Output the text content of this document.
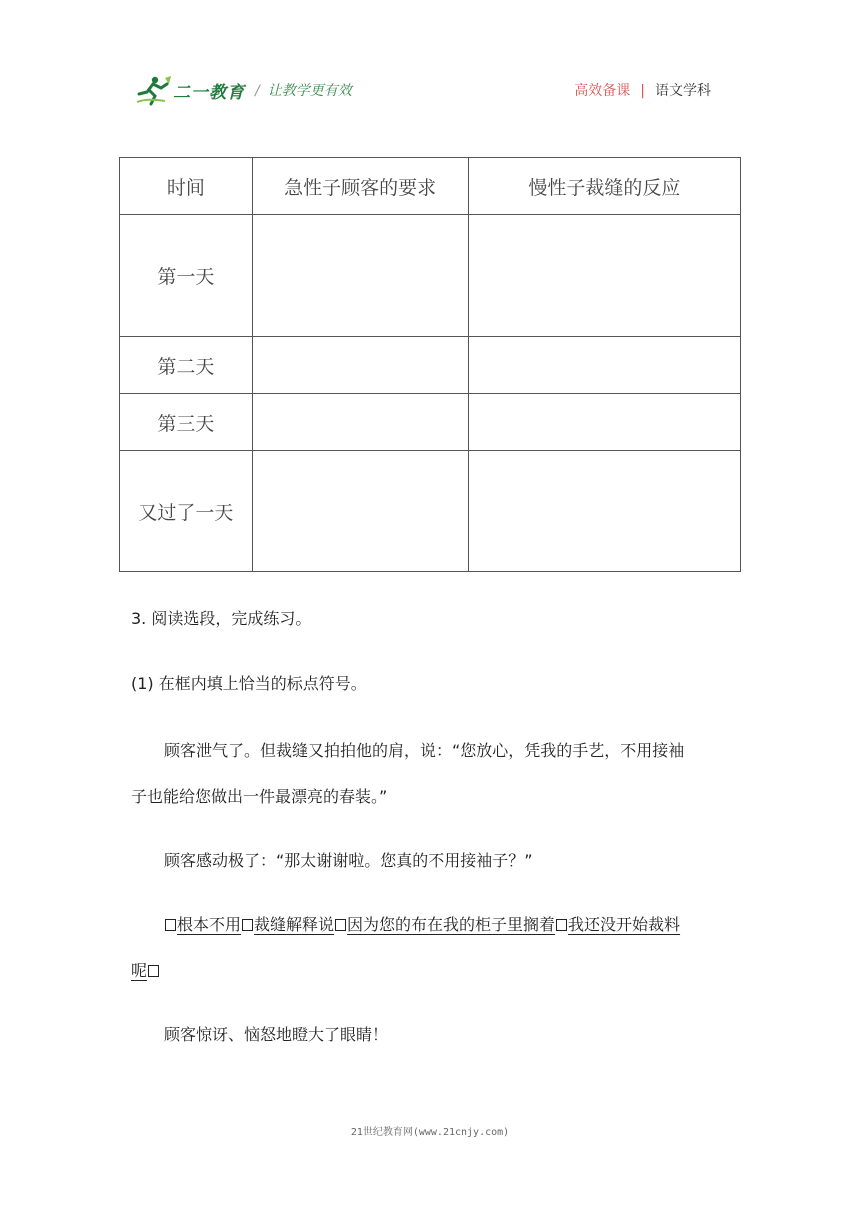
二一教育 / 让教学更有效	高效备课 | 语文学科
时间	急性子顾客的要求	慢性子裁缝的反应
第一天		
第二天		
第三天		
又过了一天		
3. 阅读选段，完成练习。
(1) 在框内填上恰当的标点符号。
顾客泄气了。但裁缝又拍拍他的肩，说：“您放心，凭我的手艺，不用接袖
子也能给您做出一件最漂亮的春装。”
顾客感动极了：“那太谢谢啦。您真的不用接袖子？”
根本不用 裁缝解释说 因为您的布在我的柜子里搁着 我还没开始裁料
呢
顾客惊讶、恼怒地瞪大了眼睛！
21世纪教育网(www.21cnjy.com)
